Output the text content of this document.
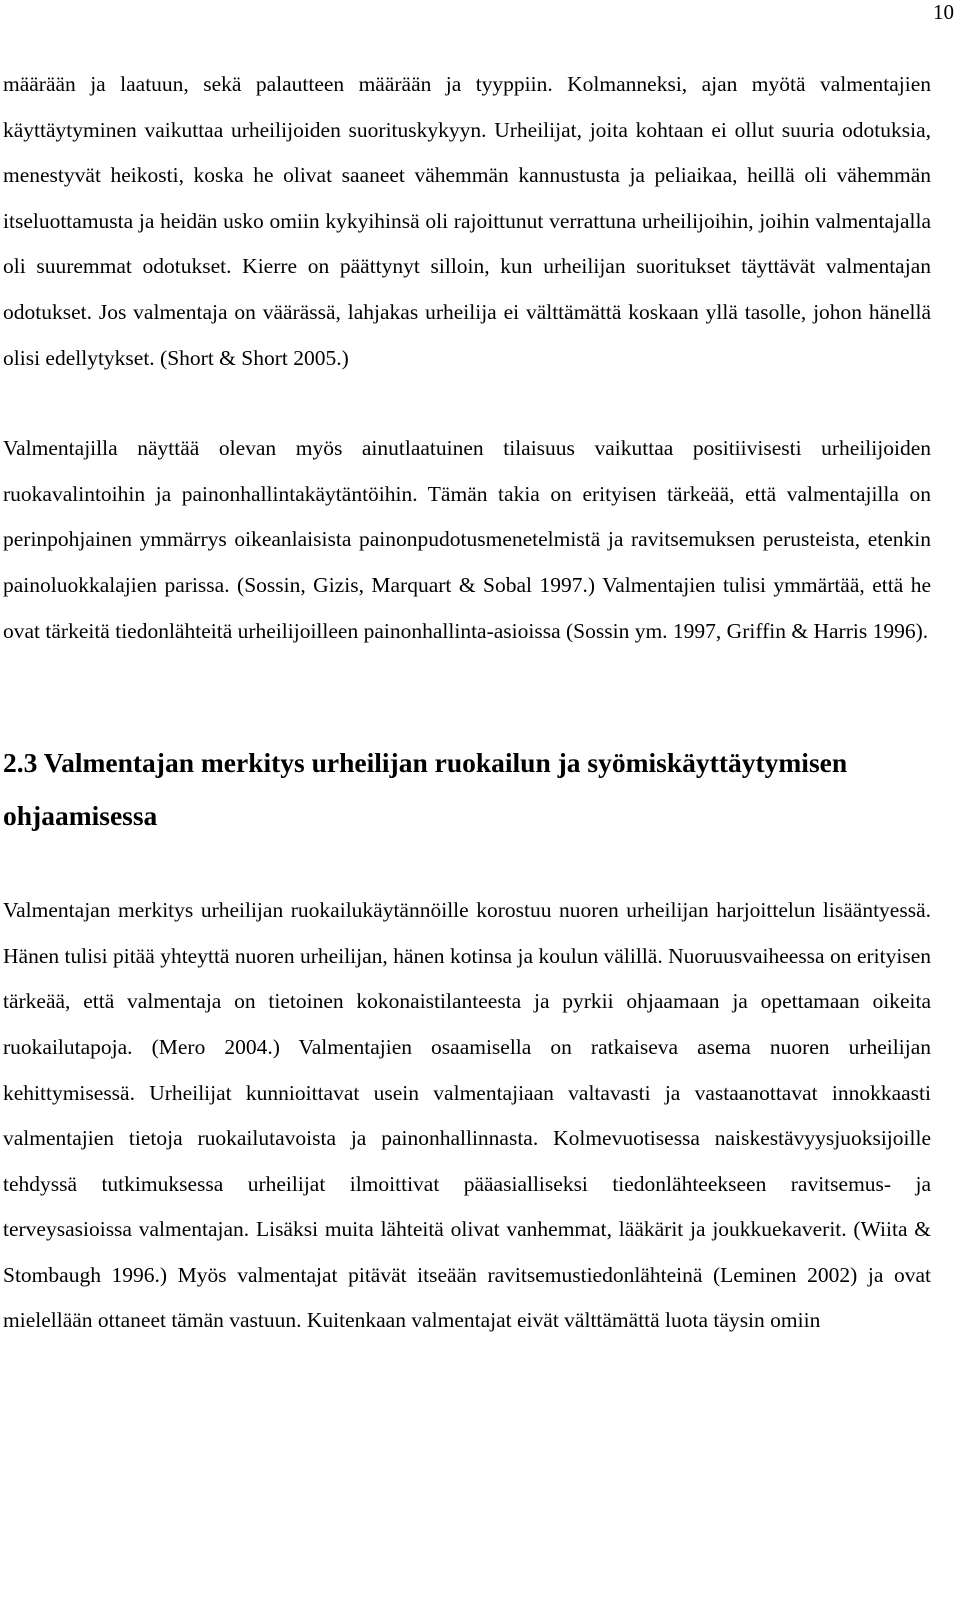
10

määrään ja laatuun, sekä palautteen määrään ja tyyppiin. Kolmanneksi, ajan myötä valmentajien käyttäytyminen vaikuttaa urheilijoiden suorituskykyyn. Urheilijat, joita kohtaan ei ollut suuria odotuksia, menestyvät heikosti, koska he olivat saaneet vähemmän kannustusta ja peliaikaa, heillä oli vähemmän itseluottamusta ja heidän usko omiin kykyihinsä oli rajoittunut verrattuna urheilijoihin, joihin valmentajalla oli suuremmat odotukset. Kierre on päättynyt silloin, kun urheilijan suoritukset täyttävät valmentajan odotukset. Jos valmentaja on väärässä, lahjakas urheilija ei välttämättä koskaan yllä tasolle, johon hänellä olisi edellytykset. (Short & Short 2005.)

Valmentajilla näyttää olevan myös ainutlaatuinen tilaisuus vaikuttaa positiivisesti urheilijoiden ruokavalintoihin ja painonhallintakäytäntöihin. Tämän takia on erityisen tärkeää, että valmentajilla on perinpohjainen ymmärrys oikeanlaisista painonpudotusmenetelmistä ja ravitsemuksen perusteista, etenkin painoluokkalajien parissa. (Sossin, Gizis, Marquart & Sobal 1997.) Valmentajien tulisi ymmärtää, että he ovat tärkeitä tiedonlähteitä urheilijoilleen painonhallinta-asioissa (Sossin ym. 1997, Griffin & Harris 1996).

2.3 Valmentajan merkitys urheilijan ruokailun ja syömiskäyttäytymisen ohjaamisessa

Valmentajan merkitys urheilijan ruokailukäytännöille korostuu nuoren urheilijan harjoittelun lisääntyessä. Hänen tulisi pitää yhteyttä nuoren urheilijan, hänen kotinsa ja koulun välillä. Nuoruusvaiheessa on erityisen tärkeää, että valmentaja on tietoinen kokonaistilanteesta ja pyrkii ohjaamaan ja opettamaan oikeita ruokailutapoja. (Mero 2004.) Valmentajien osaamisella on ratkaiseva asema nuoren urheilijan kehittymisessä. Urheilijat kunnioittavat usein valmentajiaan valtavasti ja vastaanottavat innokkaasti valmentajien tietoja ruokailutavoista ja painonhallinnasta. Kolmevuotisessa naiskestävyysjuoksijoille tehdyssä tutkimuksessa urheilijat ilmoittivat pääasialliseksi tiedonlähteekseen ravitsemus- ja terveysasioissa valmentajan. Lisäksi muita lähteitä olivat vanhemmat, lääkärit ja joukkuekaverit. (Wiita & Stombaugh 1996.) Myös valmentajat pitävät itseään ravitsemustiedonlähteinä (Leminen 2002) ja ovat mielellään ottaneet tämän vastuun. Kuitenkaan valmentajat eivät välttämättä luota täysin omiin
